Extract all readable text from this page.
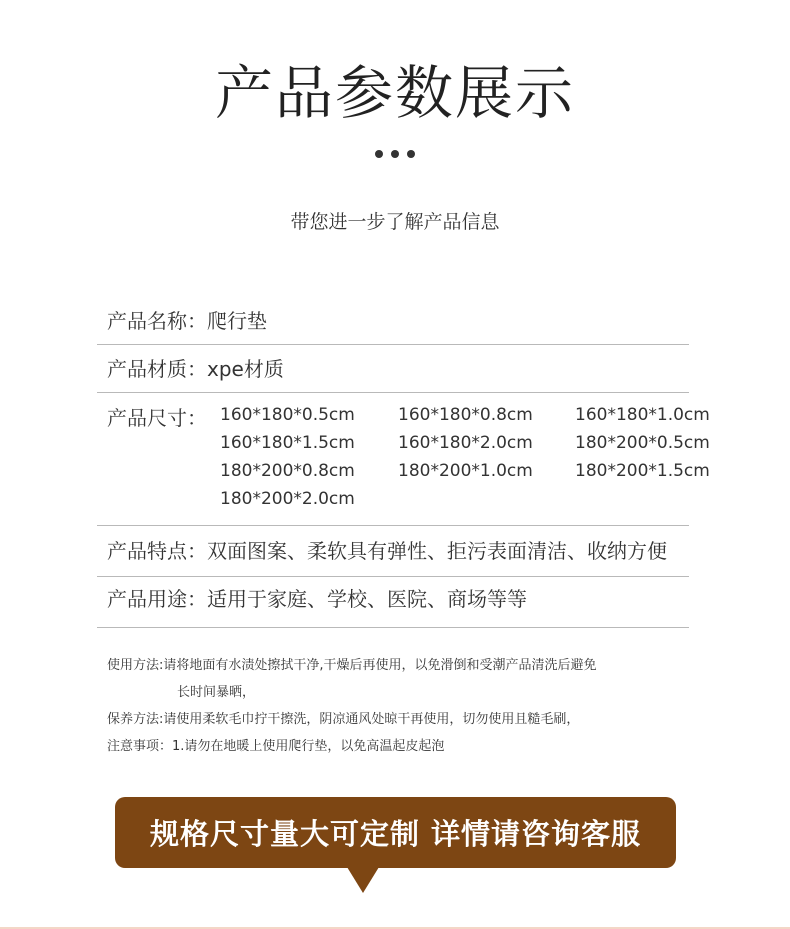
产品参数展示
带您进一步了解产品信息
产品名称： 爬行垫
产品材质： xpe材质
产品尺寸： 160*180*0.5cm	160*180*0.8cm	160*180*1.0cm
160*180*1.5cm	160*180*2.0cm	180*200*0.5cm
180*200*0.8cm	180*200*1.0cm	180*200*1.5cm
180*200*2.0cm
产品特点： 双面图案、柔软具有弹性、拒污表面清洁、收纳方便
产品用途： 适用于家庭、学校、医院、商场等等
使用方法:请将地面有水渍处擦拭干净,干燥后再使用，以免滑倒和受潮产品清洗后避免
长时间暴晒，
保养方法:请使用柔软毛巾拧干擦洗，阴凉通风处晾干再使用，切勿使用且糙毛刷，
注意事项：1.请勿在地暖上使用爬行垫，以免高温起皮起泡
规格尺寸量大可定制 详情请咨询客服
